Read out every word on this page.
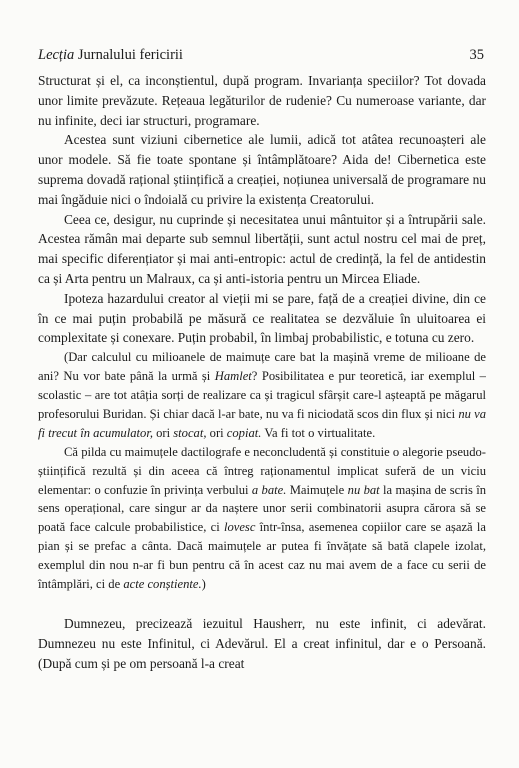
Lecția Jurnalului fericirii	35

Structurat și el, ca inconștientul, după program. Invarianța speciilor? Tot dovada unor limite prevăzute. Rețeaua legăturilor de rudenie? Cu numeroase variante, dar nu infinite, deci iar structuri, programare.

Acestea sunt viziuni cibernetice ale lumii, adică tot atâtea recunoașteri ale unor modele. Să fie toate spontane și întâmplătoare? Aida de! Cibernetica este suprema dovadă rațional științifică a creației, noțiunea universală de programare nu mai îngăduie nici o îndoială cu privire la existența Creatorului.

Ceea ce, desigur, nu cuprinde și necesitatea unui mântuitor și a întrupării sale. Acestea rămân mai departe sub semnul libertății, sunt actul nostru cel mai de preț, mai specific diferențiator și mai anti-entropic: actul de credință, la fel de antidestin ca și Arta pentru un Malraux, ca și anti-istoria pentru un Mircea Eliade.

Ipoteza hazardului creator al vieții mi se pare, față de a creației divine, din ce în ce mai puțin probabilă pe măsură ce realitatea se dezvăluie în uluitoarea ei complexitate și conexare. Puțin probabil, în limbaj probabilistic, e totuna cu zero.

(Dar calculul cu milioanele de maimuțe care bat la mașină vreme de milioane de ani? Nu vor bate până la urmă și Hamlet? Posibilitatea e pur teoretică, iar exemplul – scolastic – are tot atâția sorți de realizare ca și tragicul sfârșit care-l așteaptă pe măgarul profesorului Buridan. Și chiar dacă l-ar bate, nu va fi niciodată scos din flux și nici nu va fi trecut în acumulator, ori stocat, ori copiat. Va fi tot o virtualitate.

Că pilda cu maimuțele dactilografe e neconcludentă și constituie o alegorie pseudo-științifică rezultă și din aceea că întreg raționamentul implicat suferă de un viciu elementar: o confuzie în privința verbului a bate. Maimuțele nu bat la mașina de scris în sens operațional, care singur ar da naștere unor serii combinatorii asupra cărora să se poată face calcule probabilistice, ci lovesc într-însa, asemenea copiilor care se așază la pian și se prefac a cânta. Dacă maimuțele ar putea fi învățate să bată clapele izolat, exemplul din nou n-ar fi bun pentru că în acest caz nu mai avem de a face cu serii de întâmplări, ci de acte conștiente.)

Dumnezeu, precizează iezuitul Hausherr, nu este infinit, ci adevărat. Dumnezeu nu este Infinitul, ci Adevărul. El a creat infinitul, dar e o Persoană. (După cum și pe om persoană l-a creat
